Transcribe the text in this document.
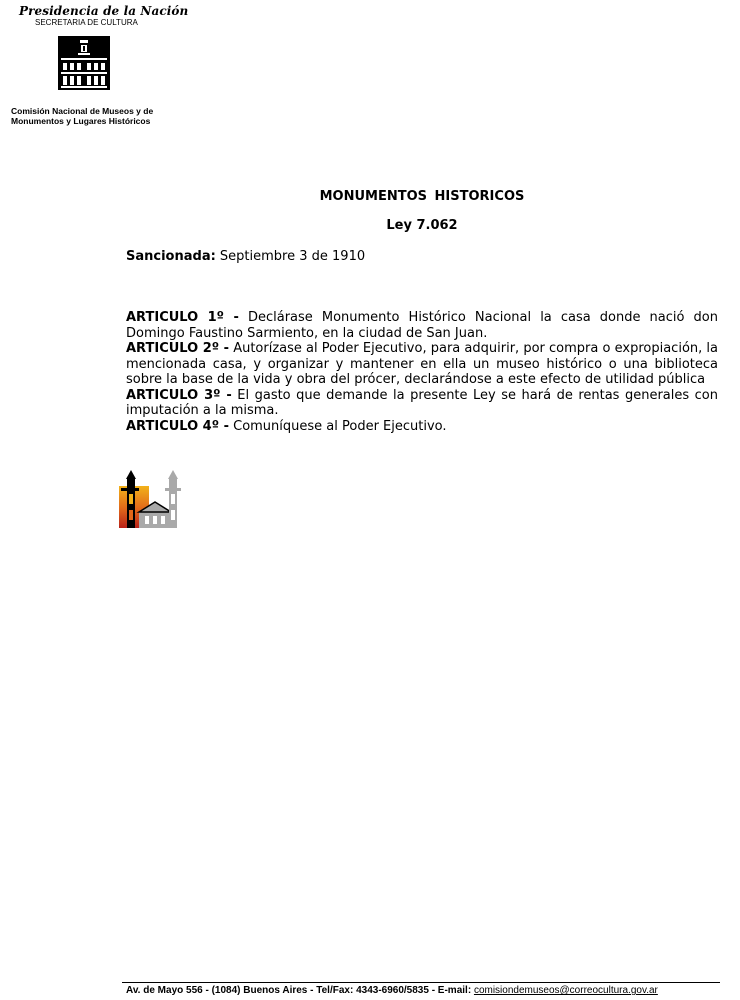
Presidencia de la Nación
SECRETARIA DE CULTURA
Comisión Nacional de Museos y de
Monumentos y Lugares Históricos
MONUMENTOS HISTORICOS
Ley 7.062
Sancionada: Septiembre 3 de 1910

ARTICULO 1º - Declárase Monumento Histórico Nacional la casa donde nació don Domingo Faustino Sarmiento, en la ciudad de San Juan.

ARTICULO 2º - Autorízase al Poder Ejecutivo, para adquirir, por compra o expropiación, la mencionada casa, y organizar y mantener en ella un museo histórico o una biblioteca sobre la base de la vida y obra del prócer, declarándose a este efecto de utilidad pública

ARTICULO 3º - El gasto que demande la presente Ley se hará de rentas generales con imputación a la misma.

ARTICULO 4º - Comuníquese al Poder Ejecutivo.

Av. de Mayo 556 - (1084) Buenos Aires - Tel/Fax: 4343-6960/5835 - E-mail: comisiondemuseos@correocultura.gov.ar
